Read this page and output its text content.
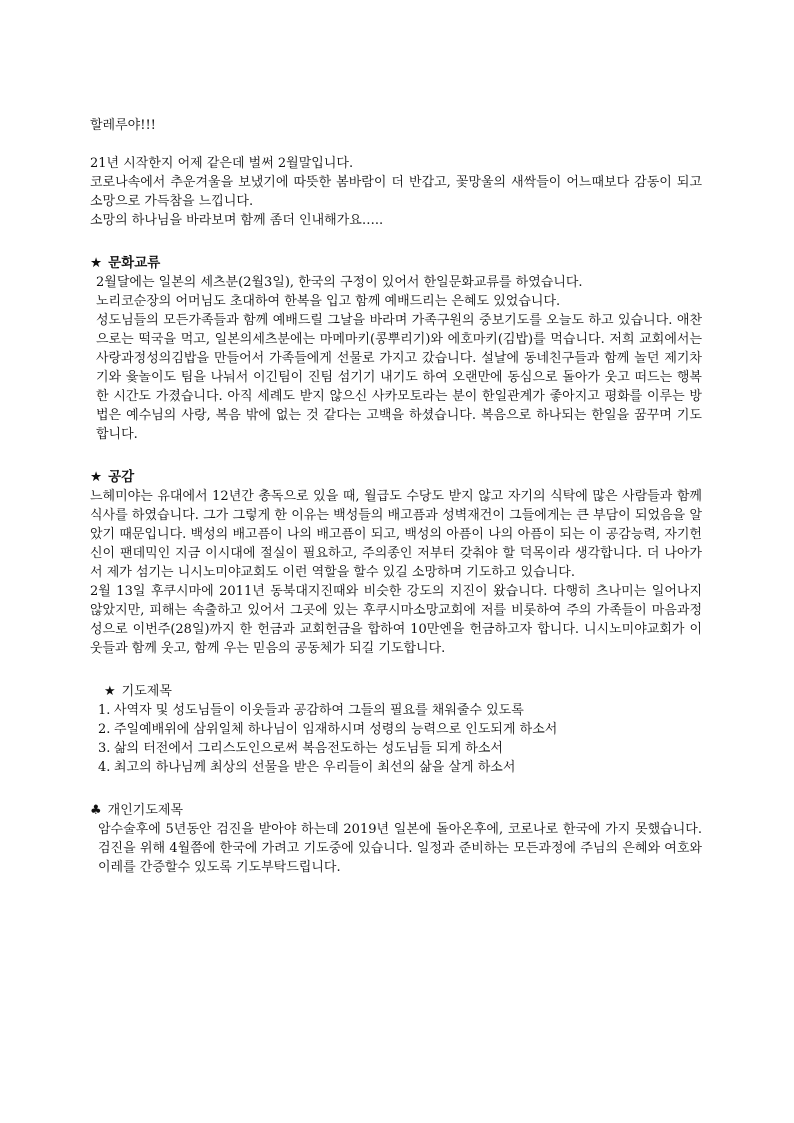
할레루야!!!

21년 시작한지 어제 같은데 벌써 2월말입니다.

코로나속에서 추운겨울을 보냈기에 따뜻한 봄바람이 더 반갑고, 꽃망울의 새싹들이 어느때보다 감동이 되고 소망으로 가득참을 느낍니다.

소망의 하나님을 바라보며 함께 좀더 인내해가요…..

★ 문화교류

2월달에는 일본의 세츠분(2월3일), 한국의 구정이 있어서 한일문화교류를 하였습니다.

노리코순장의 어머님도 초대하여 한복을 입고 함께 예배드리는 은혜도 있었습니다.

성도님들의 모든가족들과 함께 예배드릴 그날을 바라며 가족구원의 중보기도를 오늘도 하고 있습니다. 애찬으로는 떡국을 먹고, 일본의세츠분에는 마메마키(콩뿌리기)와 에호마키(김밥)를 먹습니다. 저희 교회에서는 사랑과정성의김밥을 만들어서 가족들에게 선물로 가지고 갔습니다. 설날에 동네친구들과 함께 놀던 제기차기와 윷놀이도 팀을 나눠서 이긴팀이 진팀 섬기기 내기도 하여 오랜만에 동심으로 돌아가 웃고 떠드는 행복한 시간도 가졌습니다. 아직 세례도 받지 않으신 사카모토라는 분이 한일관계가 좋아지고 평화를 이루는 방법은 예수님의 사랑, 복음 밖에 없는 것 같다는 고백을 하셨습니다. 복음으로 하나되는 한일을 꿈꾸며 기도합니다.

★ 공감

느헤미야는 유대에서 12년간 총독으로 있을 때, 월급도 수당도 받지 않고 자기의 식탁에 많은 사람들과 함께 식사를 하였습니다. 그가 그렇게 한 이유는 백성들의 배고픔과 성벽재건이 그들에게는 큰 부담이 되었음을 알았기 때문입니다. 백성의 배고픔이 나의 배고픔이 되고, 백성의 아픔이 나의 아픔이 되는 이 공감능력, 자기헌신이 팬데믹인 지금 이시대에 절실이 필요하고, 주의종인 저부터 갖춰야 할 덕목이라 생각합니다. 더 나아가서 제가 섬기는 니시노미야교회도 이런 역할을 할수 있길 소망하며 기도하고 있습니다.

2월 13일 후쿠시마에 2011년 동북대지진때와 비슷한 강도의 지진이 왔습니다. 다행히 츠나미는 일어나지 않았지만, 피해는 속출하고 있어서 그곳에 있는 후쿠시마소망교회에 저를 비롯하여 주의 가족들이 마음과정성으로 이번주(28일)까지 한 헌금과 교회헌금을 합하여 10만엔을 헌금하고자 합니다. 니시노미야교회가 이웃들과 함께 웃고, 함께 우는 믿음의 공동체가 되길 기도합니다.

★ 기도제목

1. 사역자 및 성도님들이 이웃들과 공감하여 그들의 필요를 채워줄수 있도록

2. 주일예배위에 삼위일체 하나님이 임재하시며 성령의 능력으로 인도되게 하소서

3. 삶의 터전에서 그리스도인으로써 복음전도하는 성도님들 되게 하소서

4. 최고의 하나님께 최상의 선물을 받은 우리들이 최선의 삶을 살게 하소서

♣ 개인기도제목

암수술후에 5년동안 검진을 받아야 하는데 2019년 일본에 돌아온후에, 코로나로 한국에 가지 못했습니다. 검진을 위해 4월쯤에 한국에 가려고 기도중에 있습니다. 일정과 준비하는 모든과정에 주님의 은혜와 여호와이레를 간증할수 있도록 기도부탁드립니다.
